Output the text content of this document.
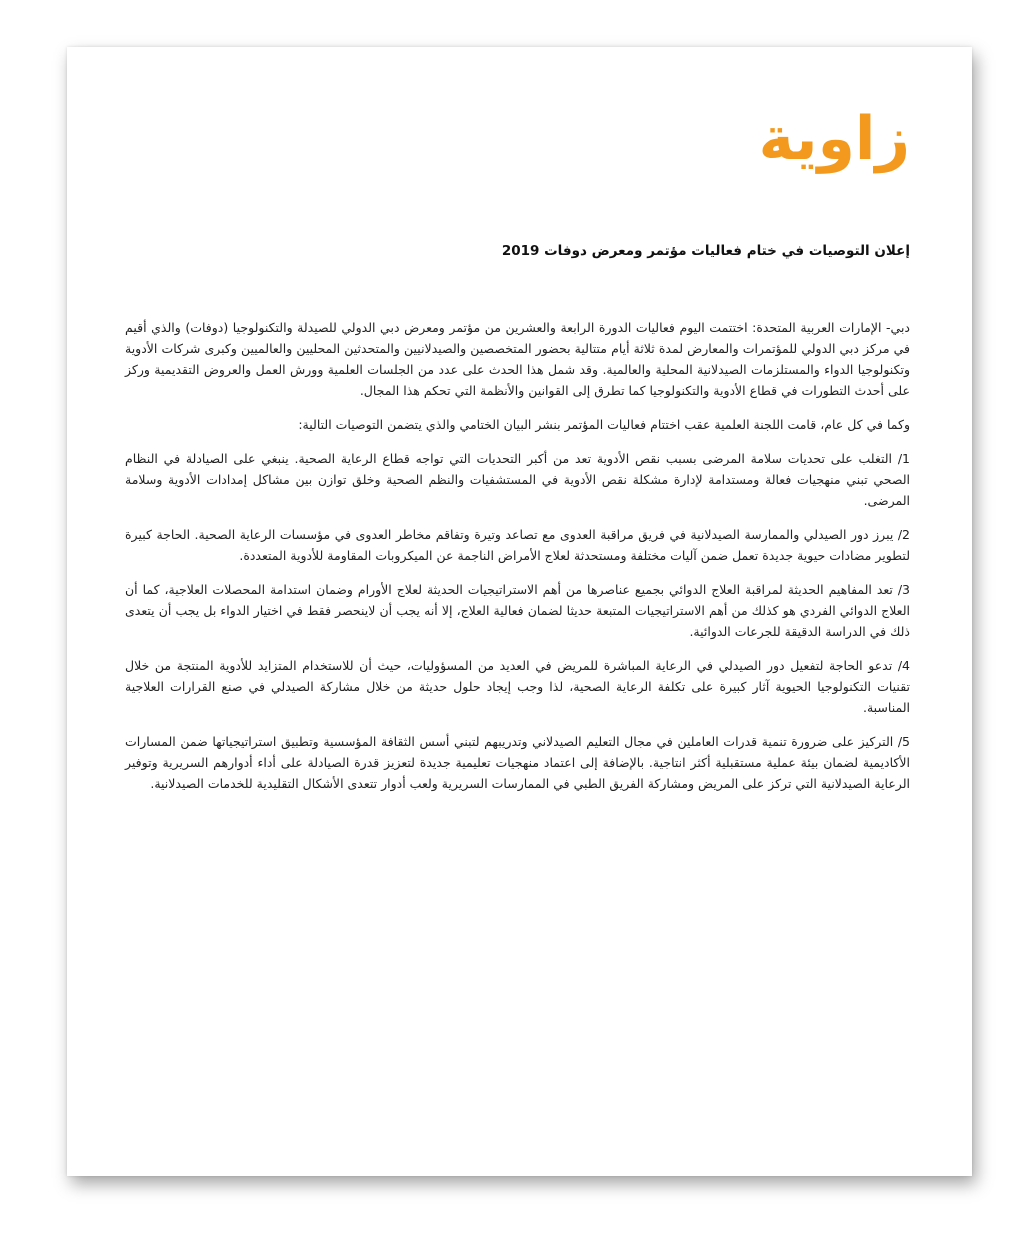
زاوية
إعلان التوصيات في ختام فعاليات مؤتمر ومعرض دوفات 2019

دبي- الإمارات العربية المتحدة: اختتمت اليوم فعاليات الدورة الرابعة والعشرين من مؤتمر ومعرض دبي الدولي للصيدلة والتكنولوجيا (دوفات) والذي أقيم في مركز دبي الدولي للمؤتمرات والمعارض لمدة ثلاثة أيام متتالية بحضور المتخصصين والصيدلانيين والمتحدثين المحليين والعالميين وكبرى شركات الأدوية وتكنولوجيا الدواء والمستلزمات الصيدلانية المحلية والعالمية. وقد شمل هذا الحدث على عدد من الجلسات العلمية وورش العمل والعروض التقديمية وركز على أحدث التطورات في قطاع الأدوية والتكنولوجيا كما تطرق إلى القوانين والأنظمة التي تحكم هذا المجال.

وكما في كل عام، قامت اللجنة العلمية عقب اختتام فعاليات المؤتمر بنشر البيان الختامي والذي يتضمن التوصيات التالية:

1/ التغلب على تحديات سلامة المرضى بسبب نقص الأدوية تعد من أكبر التحديات التي تواجه قطاع الرعاية الصحية. ينبغي على الصيادلة في النظام الصحي تبني منهجيات فعالة ومستدامة لإدارة مشكلة نقص الأدوية في المستشفيات والنظم الصحية وخلق توازن بين مشاكل إمدادات الأدوية وسلامة المرضى.

2/ يبرز دور الصيدلي والممارسة الصيدلانية في فريق مراقبة العدوى مع تصاعد وتيرة وتفاقم مخاطر العدوى في مؤسسات الرعاية الصحية. الحاجة كبيرة لتطوير مضادات حيوية جديدة تعمل ضمن آليات مختلفة ومستحدثة لعلاج الأمراض الناجمة عن الميكروبات المقاومة للأدوية المتعددة.

3/ تعد المفاهيم الحديثة لمراقبة العلاج الدوائي بجميع عناصرها من أهم الاستراتيجيات الحديثة لعلاج الأورام وضمان استدامة المحصلات العلاجية، كما أن العلاج الدوائي الفردي هو كذلك من أهم الاستراتيجيات المتبعة حديثا لضمان فعالية العلاج، إلا أنه يجب أن لاينحصر فقط في اختيار الدواء بل يجب أن يتعدى ذلك في الدراسة الدقيقة للجرعات الدوائية.

4/ تدعو الحاجة لتفعيل دور الصيدلي في الرعاية المباشرة للمريض في العديد من المسؤوليات، حيث أن للاستخدام المتزايد للأدوية المنتجة من خلال تقنيات التكنولوجيا الحيوية آثار كبيرة على تكلفة الرعاية الصحية، لذا وجب إيجاد حلول حديثة من خلال مشاركة الصيدلي في صنع القرارات العلاجية المناسبة.

5/ التركيز على ضرورة تنمية قدرات العاملين في مجال التعليم الصيدلاني وتدريبهم لتبني أسس الثقافة المؤسسية وتطبيق استراتيجياتها ضمن المسارات الأكاديمية لضمان بيئة عملية مستقبلية أكثر انتاجية. بالإضافة إلى اعتماد منهجيات تعليمية جديدة لتعزيز قدرة الصيادلة على أداء أدوارهم السريرية وتوفير الرعاية الصيدلانية التي تركز على المريض ومشاركة الفريق الطبي في الممارسات السريرية ولعب أدوار تتعدى الأشكال التقليدية للخدمات الصيدلانية.
